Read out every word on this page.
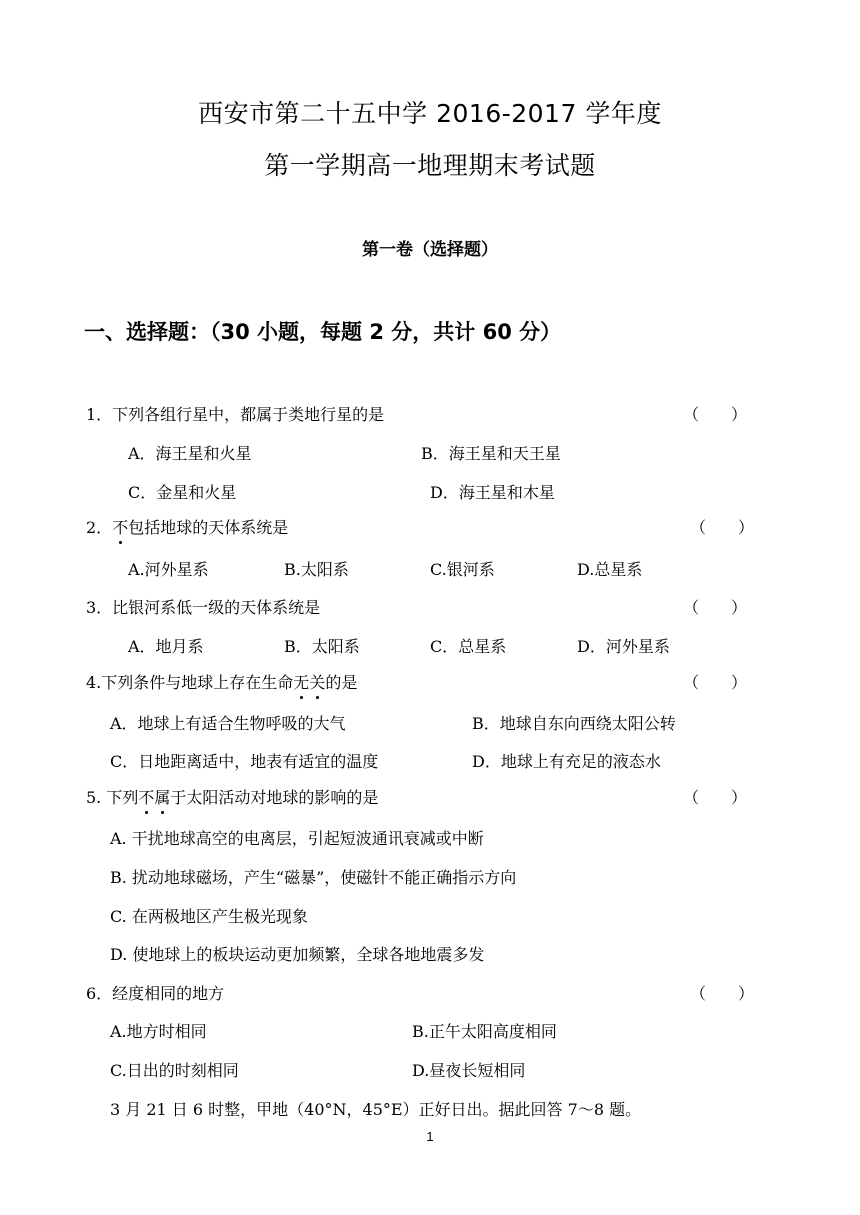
西安市第二十五中学 2016-2017 学年度
第一学期高一地理期末考试题
第一卷（选择题）
一、选择题：（30 小题，每题 2 分，共计 60 分）
1．下列各组行星中，都属于类地行星的是	（　　）
A．海王星和火星	B．海王星和天王星
C．金星和火星	D．海王星和木星
2．不包括地球的天体系统是	（　　）
A.河外星系	B.太阳系	C.银河系	D.总星系
3．比银河系低一级的天体系统是	（　　）
A．地月系	B．太阳系	C．总星系	D．河外星系
4.下列条件与地球上存在生命无关的是	（　　）
A．地球上有适合生物呼吸的大气	B．地球自东向西绕太阳公转
C．日地距离适中，地表有适宜的温度	D．地球上有充足的液态水
5. 下列不属于太阳活动对地球的影响的是	（　　）
A. 干扰地球高空的电离层，引起短波通讯衰减或中断
B. 扰动地球磁场，产生“磁暴”，使磁针不能正确指示方向
C. 在两极地区产生极光现象
D. 使地球上的板块运动更加频繁，全球各地地震多发
6．经度相同的地方	（　　）
A.地方时相同	B.正午太阳高度相同
C.日出的时刻相同	D.昼夜长短相同
3 月 21 日 6 时整，甲地（40°N，45°E）正好日出。据此回答 7～8 题。
1
